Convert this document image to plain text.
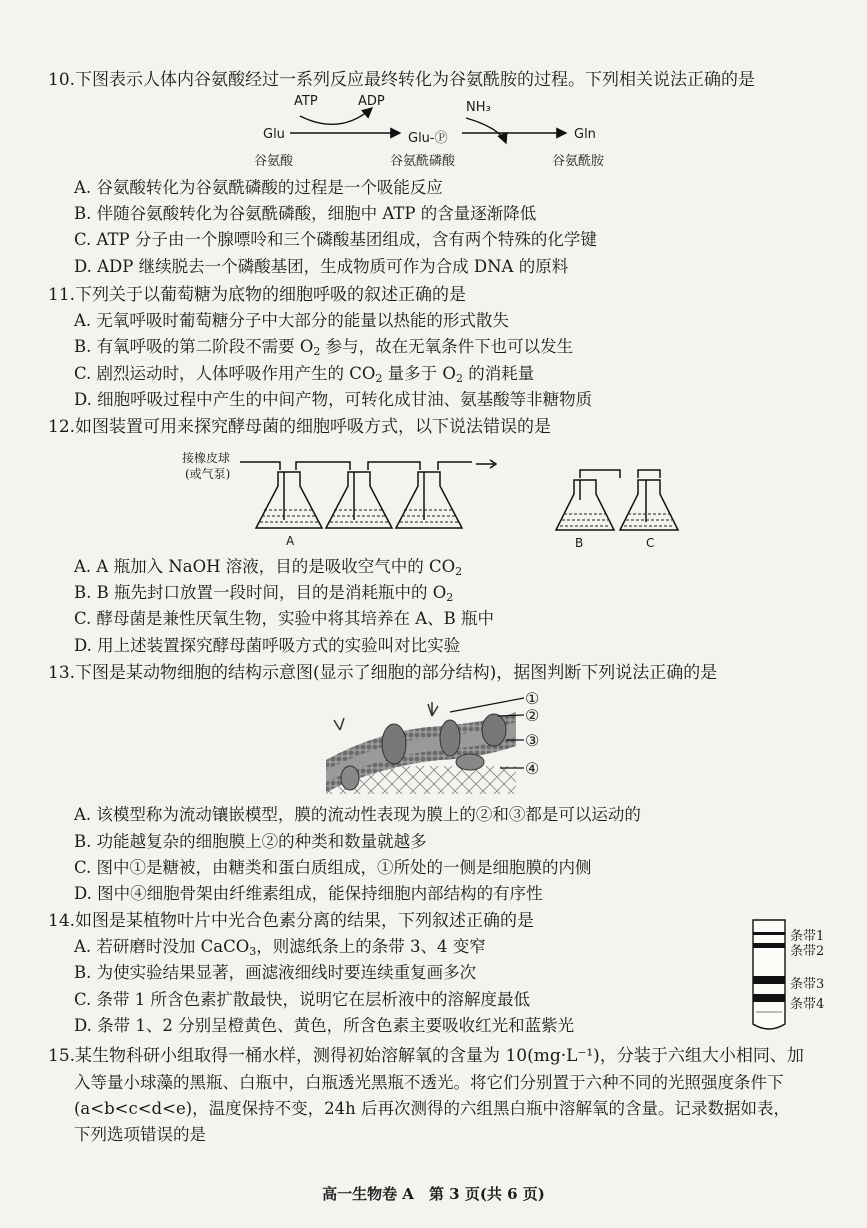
10.下图表示人体内谷氨酸经过一系列反应最终转化为谷氨酰胺的过程。下列相关说法正确的是
ATP	ADP	NH₃
Glu	Glu-Ⓟ	Gln
谷氨酸	谷氨酰磷酸	谷氨酰胺
A. 谷氨酸转化为谷氨酰磷酸的过程是一个吸能反应
B. 伴随谷氨酸转化为谷氨酰磷酸，细胞中 ATP 的含量逐渐降低
C. ATP 分子由一个腺嘌呤和三个磷酸基团组成，含有两个特殊的化学键
D. ADP 继续脱去一个磷酸基团，生成物质可作为合成 DNA 的原料
11.下列关于以葡萄糖为底物的细胞呼吸的叙述正确的是
A. 无氧呼吸时葡萄糖分子中大部分的能量以热能的形式散失
B. 有氧呼吸的第二阶段不需要 $O_2$ 参与，故在无氧条件下也可以发生
C. 剧烈运动时，人体呼吸作用产生的 $CO_2$ 量多于 $O_2$ 的消耗量
D. 细胞呼吸过程中产生的中间产物，可转化成甘油、氨基酸等非糖物质
12.如图装置可用来探究酵母菌的细胞呼吸方式，以下说法错误的是
接橡皮球
(或气泵)
A	B	C
A. A 瓶加入 NaOH 溶液，目的是吸收空气中的 $CO_2$
B. B 瓶先封口放置一段时间，目的是消耗瓶中的 $O_2$
C. 酵母菌是兼性厌氧生物，实验中将其培养在 A、B 瓶中
D. 用上述装置探究酵母菌呼吸方式的实验叫对比实验
13.下图是某动物细胞的结构示意图(显示了细胞的部分结构)，据图判断下列说法正确的是
①
②
③
④
A. 该模型称为流动镶嵌模型，膜的流动性表现为膜上的②和③都是可以运动的
B. 功能越复杂的细胞膜上②的种类和数量就越多
C. 图中①是糖被，由糖类和蛋白质组成，①所处的一侧是细胞膜的内侧
D. 图中④细胞骨架由纤维素组成，能保持细胞内部结构的有序性
14.如图是某植物叶片中光合色素分离的结果，下列叙述正确的是
A. 若研磨时没加 CaCO$_3$，则滤纸条上的条带 3、4 变窄
B. 为使实验结果显著，画滤液细线时要连续重复画多次
C. 条带 1 所含色素扩散最快，说明它在层析液中的溶解度最低
D. 条带 1、2 分别呈橙黄色、黄色，所含色素主要吸收红光和蓝紫光
条带1
条带2
条带3
条带4
15.某生物科研小组取得一桶水样，测得初始溶解氧的含量为 10(mg·L⁻¹)，分装于六组大小相同、加
入等量小球藻的黑瓶、白瓶中，白瓶透光黑瓶不透光。将它们分别置于六种不同的光照强度条件下
(a<b<c<d<e)，温度保持不变，24h 后再次测得的六组黑白瓶中溶解氧的含量。记录数据如表，
下列选项错误的是
高一生物卷 A　第 3 页(共 6 页)
